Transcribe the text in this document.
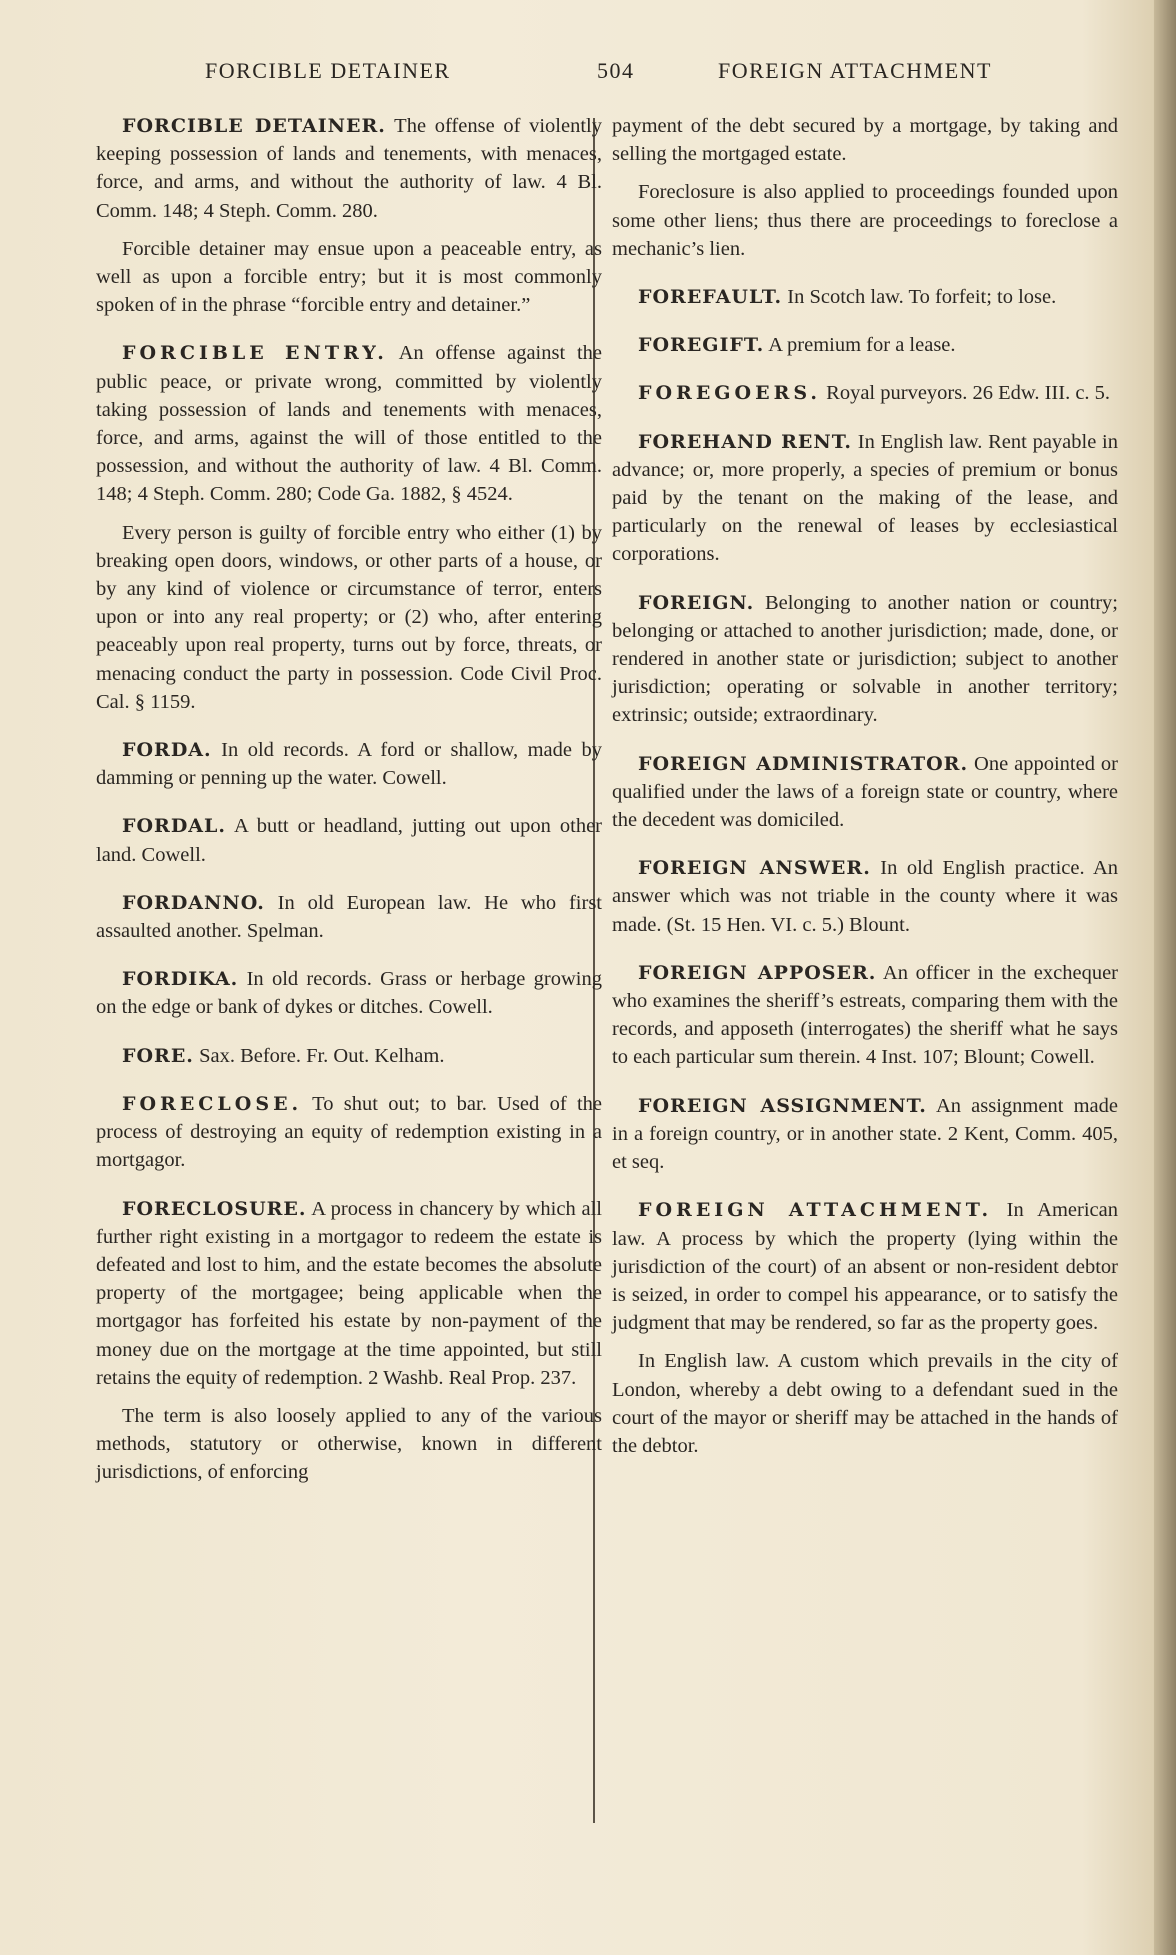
FORCIBLE DETAINER	504	FOREIGN ATTACHMENT

FORCIBLE DETAINER. The offense of violently keeping possession of lands and tenements, with menaces, force, and arms, and without the authority of law. 4 Bl. Comm. 148; 4 Steph. Comm. 280.

Forcible detainer may ensue upon a peaceable entry, as well as upon a forcible entry; but it is most commonly spoken of in the phrase “forcible entry and detainer.”

FORCIBLE ENTRY. An offense against the public peace, or private wrong, committed by violently taking possession of lands and tenements with menaces, force, and arms, against the will of those entitled to the possession, and without the authority of law. 4 Bl. Comm. 148; 4 Steph. Comm. 280; Code Ga. 1882, § 4524.

Every person is guilty of forcible entry who either (1) by breaking open doors, windows, or other parts of a house, or by any kind of violence or circumstance of terror, enters upon or into any real property; or (2) who, after entering peaceably upon real property, turns out by force, threats, or menacing conduct the party in possession. Code Civil Proc. Cal. § 1159.

FORDA. In old records. A ford or shallow, made by damming or penning up the water. Cowell.

FORDAL. A butt or headland, jutting out upon other land. Cowell.

FORDANNO. In old European law. He who first assaulted another. Spelman.

FORDIKA. In old records. Grass or herbage growing on the edge or bank of dykes or ditches. Cowell.

FORE. Sax. Before. Fr. Out. Kelham.

FORECLOSE. To shut out; to bar. Used of the process of destroying an equity of redemption existing in a mortgagor.

FORECLOSURE. A process in chancery by which all further right existing in a mortgagor to redeem the estate is defeated and lost to him, and the estate becomes the absolute property of the mortgagee; being applicable when the mortgagor has forfeited his estate by non-payment of the money due on the mortgage at the time appointed, but still retains the equity of redemption. 2 Washb. Real Prop. 237.

The term is also loosely applied to any of the various methods, statutory or otherwise, known in different jurisdictions, of enforcing

payment of the debt secured by a mortgage, by taking and selling the mortgaged estate.

Foreclosure is also applied to proceedings founded upon some other liens; thus there are proceedings to foreclose a mechanic’s lien.

FOREFAULT. In Scotch law. To forfeit; to lose.

FOREGIFT. A premium for a lease.

FOREGOERS. Royal purveyors. 26 Edw. III. c. 5.

FOREHAND RENT. In English law. Rent payable in advance; or, more properly, a species of premium or bonus paid by the tenant on the making of the lease, and particularly on the renewal of leases by ecclesiastical corporations.

FOREIGN. Belonging to another nation or country; belonging or attached to another jurisdiction; made, done, or rendered in another state or jurisdiction; subject to another jurisdiction; operating or solvable in another territory; extrinsic; outside; extraordinary.

FOREIGN ADMINISTRATOR. One appointed or qualified under the laws of a foreign state or country, where the decedent was domiciled.

FOREIGN ANSWER. In old English practice. An answer which was not triable in the county where it was made. (St. 15 Hen. VI. c. 5.) Blount.

FOREIGN APPOSER. An officer in the exchequer who examines the sheriff’s estreats, comparing them with the records, and apposeth (interrogates) the sheriff what he says to each particular sum therein. 4 Inst. 107; Blount; Cowell.

FOREIGN ASSIGNMENT. An assignment made in a foreign country, or in another state. 2 Kent, Comm. 405, et seq.

FOREIGN ATTACHMENT. In American law. A process by which the property (lying within the jurisdiction of the court) of an absent or non-resident debtor is seized, in order to compel his appearance, or to satisfy the judgment that may be rendered, so far as the property goes.

In English law. A custom which prevails in the city of London, whereby a debt owing to a defendant sued in the court of the mayor or sheriff may be attached in the hands of the debtor.
